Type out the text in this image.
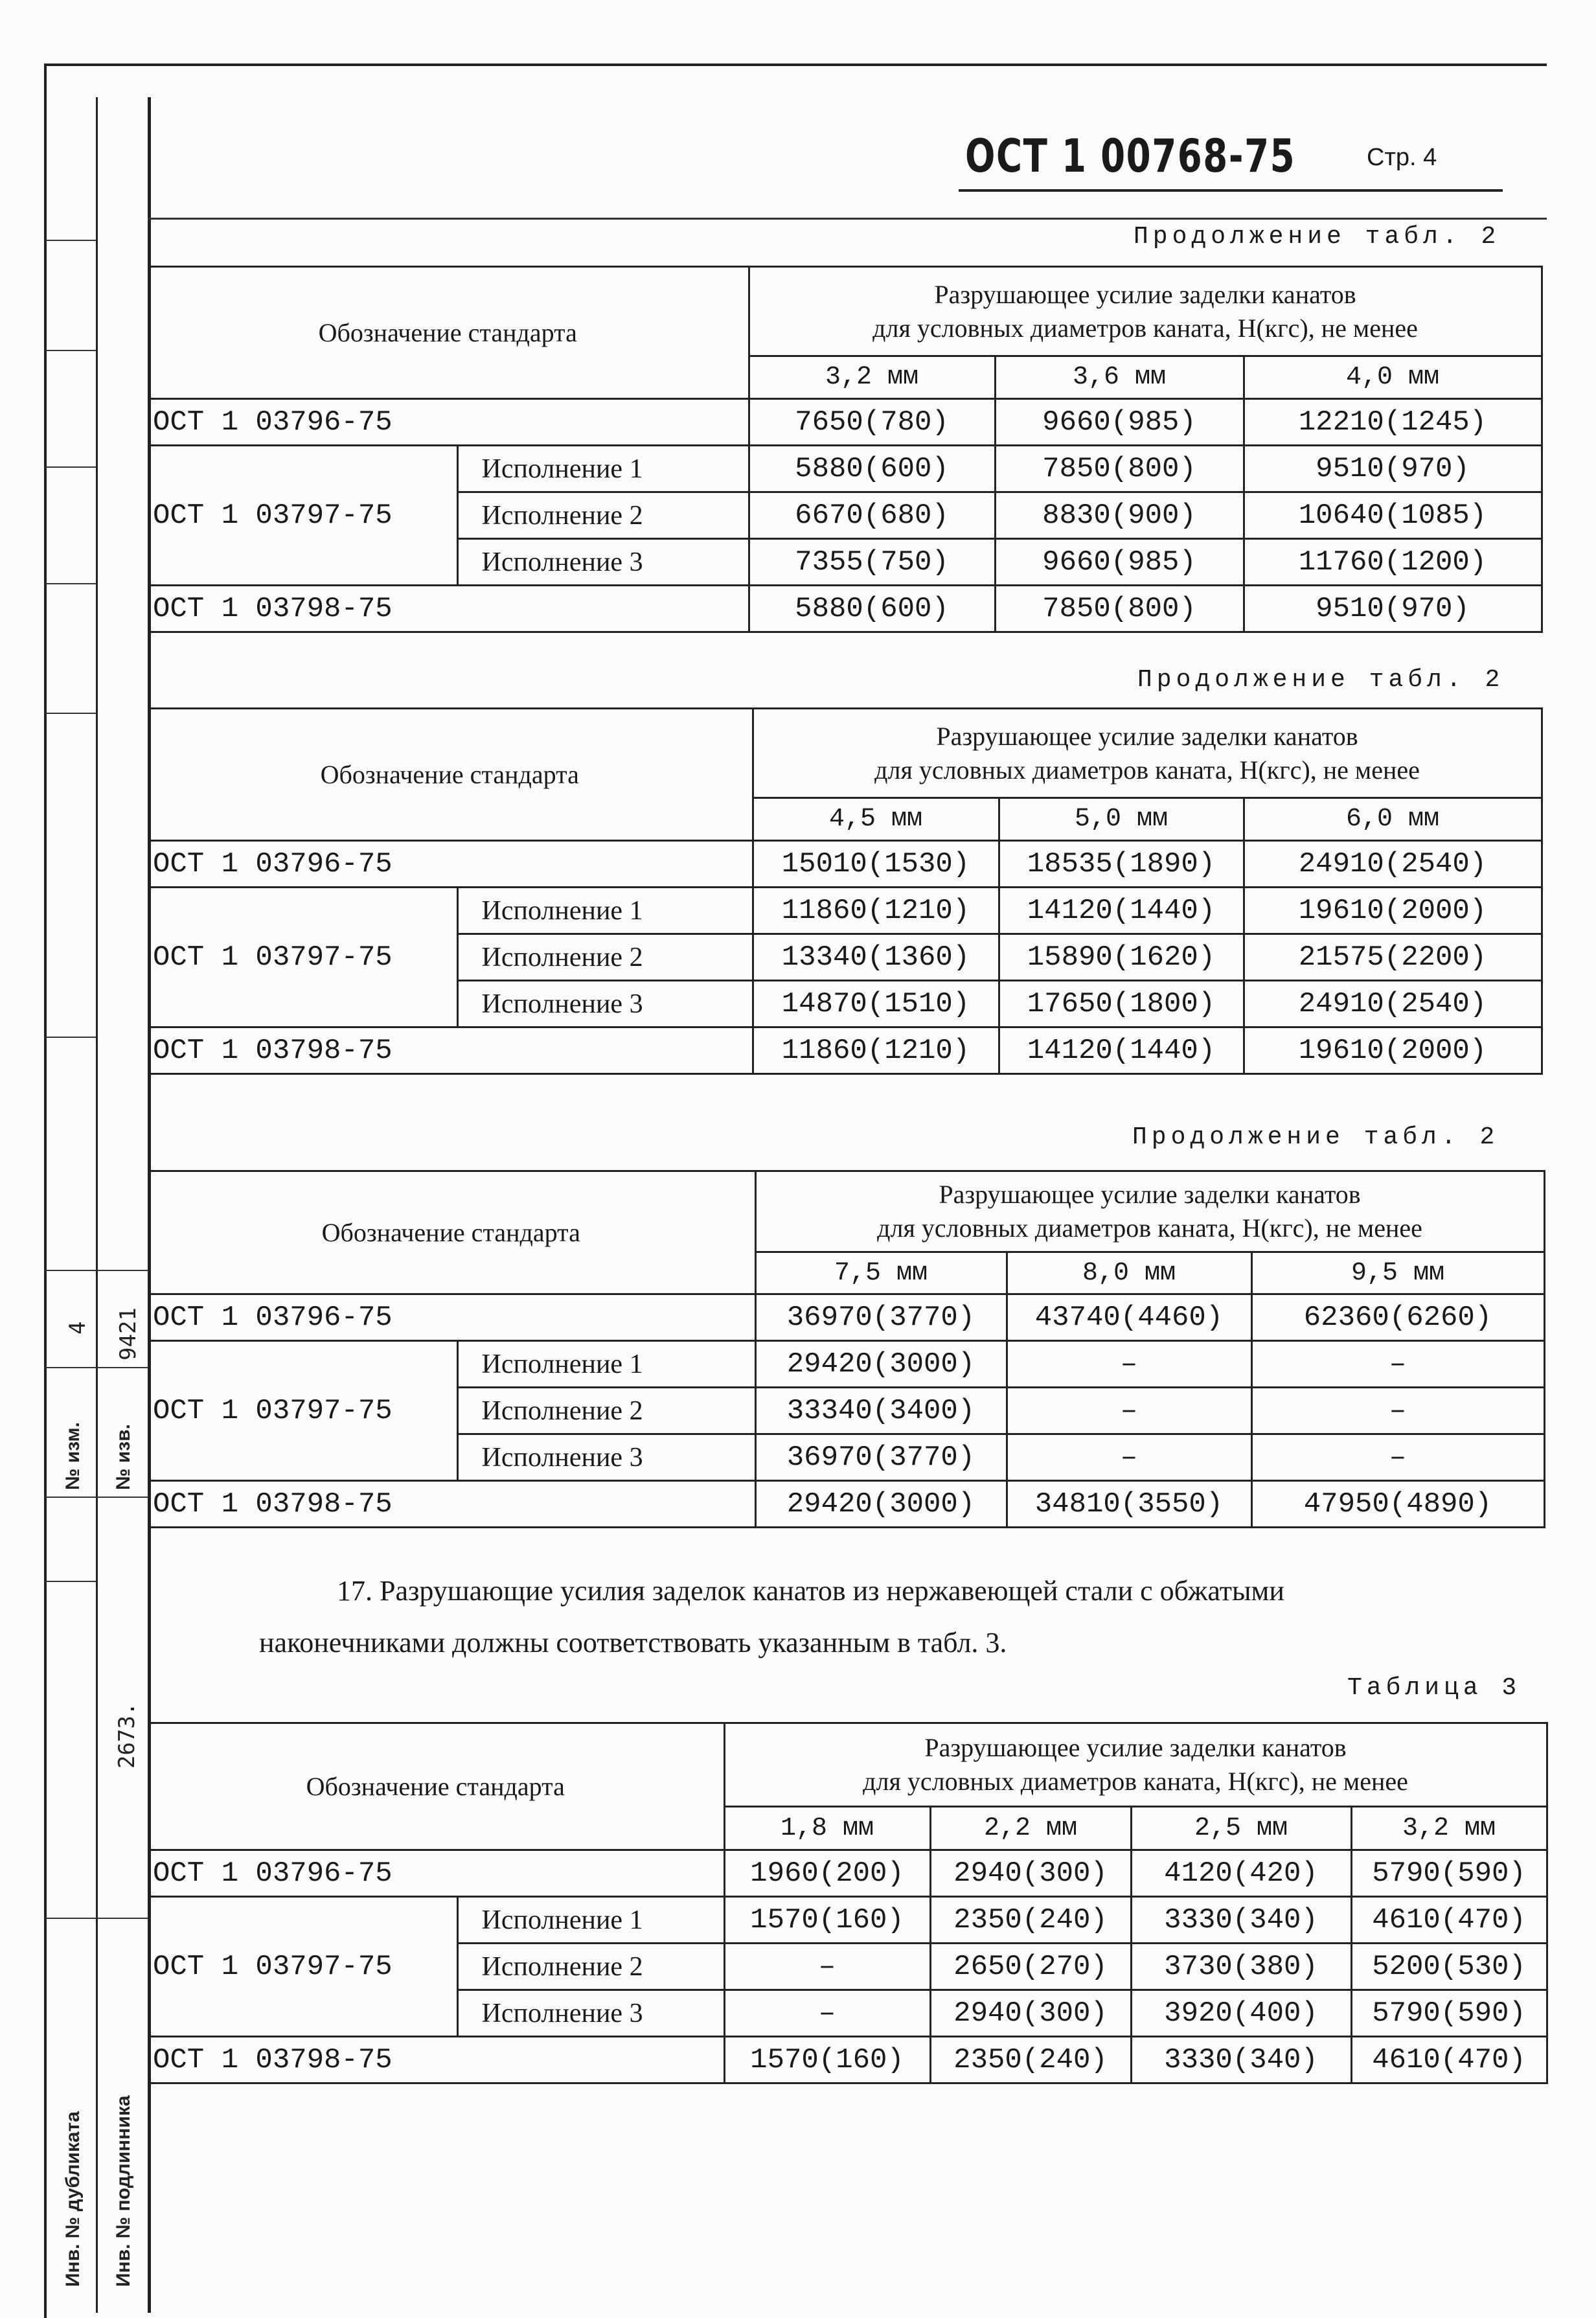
4 9421
№ изм. № изв.
2673.
Инв. № дубликата Инв. № подлинника
ОСТ 1 00768-75	Стр. 4
Продолжение табл. 2
Обозначение стандарта		Разрушающее усилие заделки канатов
для условных диаметров каната, Н(кгс), не менее		
		3,2 мм	3,6 мм	4,0 мм
ОСТ 1 03796-75		7650(780)	9660(985)	12210(1245)
ОСТ 1 03797-75	Исполнение 1	5880(600)	7850(800)	9510(970)
	Исполнение 2	6670(680)	8830(900)	10640(1085)
	Исполнение 3	7355(750)	9660(985)	11760(1200)
ОСТ 1 03798-75		5880(600)	7850(800)	9510(970)
Продолжение табл. 2
Обозначение стандарта		Разрушающее усилие заделки канатов
для условных диаметров каната, Н(кгс), не менее		
		4,5 мм	5,0 мм	6,0 мм
ОСТ 1 03796-75		15010(1530)	18535(1890)	24910(2540)
ОСТ 1 03797-75	Исполнение 1	11860(1210)	14120(1440)	19610(2000)
	Исполнение 2	13340(1360)	15890(1620)	21575(2200)
	Исполнение 3	14870(1510)	17650(1800)	24910(2540)
ОСТ 1 03798-75		11860(1210)	14120(1440)	19610(2000)
Продолжение табл. 2
Обозначение стандарта		Разрушающее усилие заделки канатов
для условных диаметров каната, Н(кгс), не менее		
		7,5 мм	8,0 мм	9,5 мм
ОСТ 1 03796-75		36970(3770)	43740(4460)	62360(6260)
ОСТ 1 03797-75	Исполнение 1	29420(3000)	–	–
	Исполнение 2	33340(3400)	–	–
	Исполнение 3	36970(3770)	–	–
ОСТ 1 03798-75		29420(3000)	34810(3550)	47950(4890)
17. Разрушающие усилия заделок канатов из нержавеющей стали с обжатыми
наконечниками должны соответствовать указанным в табл. 3.
Таблица 3
Обозначение стандарта		Разрушающее усилие заделки канатов
для условных диаметров каната, Н(кгс), не менее			
		1,8 мм	2,2 мм	2,5 мм	3,2 мм
ОСТ 1 03796-75		1960(200)	2940(300)	4120(420)	5790(590)
ОСТ 1 03797-75	Исполнение 1	1570(160)	2350(240)	3330(340)	4610(470)
	Исполнение 2	–	2650(270)	3730(380)	5200(530)
	Исполнение 3	–	2940(300)	3920(400)	5790(590)
ОСТ 1 03798-75		1570(160)	2350(240)	3330(340)	4610(470)
